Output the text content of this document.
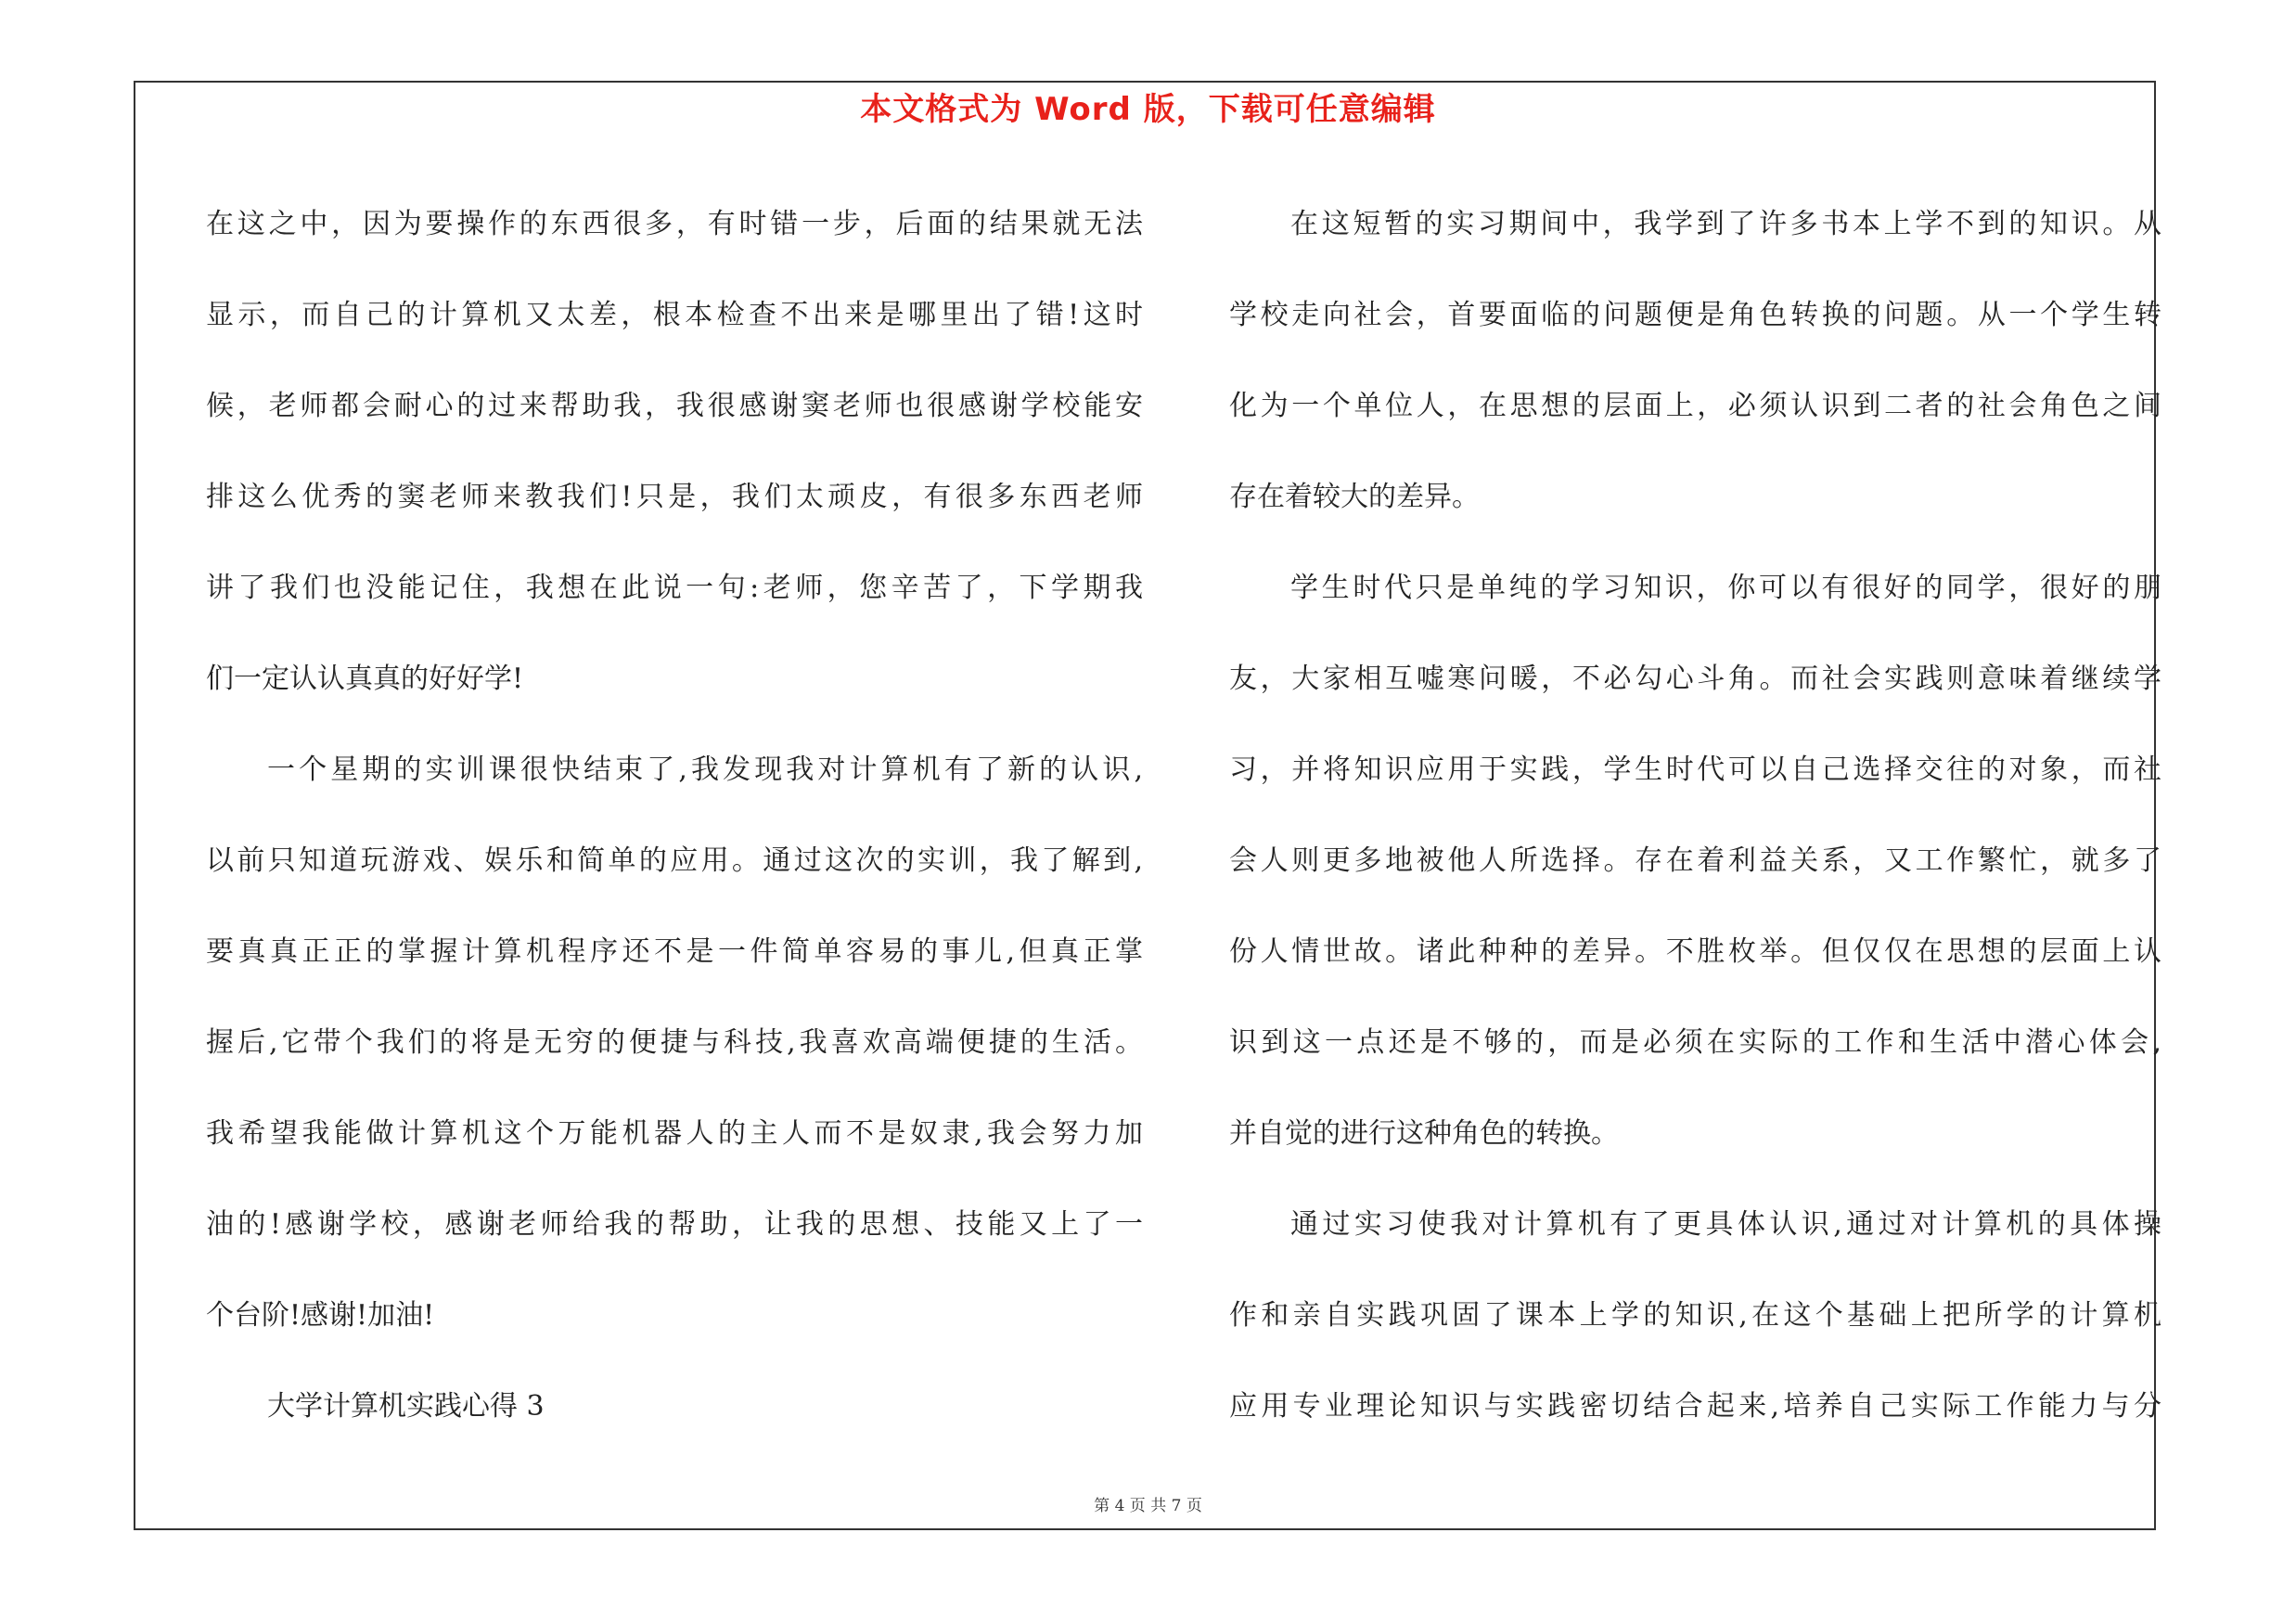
本文格式为 Word 版，下载可任意编辑
在这之中，因为要操作的东西很多，有时错一步，后面的结果就无法
显示，而自己的计算机又太差，根本检查不出来是哪里出了错!这时
候，老师都会耐心的过来帮助我，我很感谢窦老师也很感谢学校能安
排这么优秀的窦老师来教我们!只是，我们太顽皮，有很多东西老师
讲了我们也没能记住，我想在此说一句:老师，您辛苦了，下学期我
们一定认认真真的好好学!
一个星期的实训课很快结束了,我发现我对计算机有了新的认识,
以前只知道玩游戏、娱乐和简单的应用。通过这次的实训，我了解到,
要真真正正的掌握计算机程序还不是一件简单容易的事儿,但真正掌
握后,它带个我们的将是无穷的便捷与科技,我喜欢高端便捷的生活。
我希望我能做计算机这个万能机器人的主人而不是奴隶,我会努力加
油的!感谢学校，感谢老师给我的帮助，让我的思想、技能又上了一
个台阶!感谢!加油!
大学计算机实践心得 3
在这短暂的实习期间中，我学到了许多书本上学不到的知识。从
学校走向社会，首要面临的问题便是角色转换的问题。从一个学生转
化为一个单位人，在思想的层面上，必须认识到二者的社会角色之间
存在着较大的差异。
学生时代只是单纯的学习知识，你可以有很好的同学，很好的朋
友，大家相互嘘寒问暖，不必勾心斗角。而社会实践则意味着继续学
习，并将知识应用于实践，学生时代可以自己选择交往的对象，而社
会人则更多地被他人所选择。存在着利益关系，又工作繁忙，就多了
份人情世故。诸此种种的差异。不胜枚举。但仅仅在思想的层面上认
识到这一点还是不够的，而是必须在实际的工作和生活中潜心体会,
并自觉的进行这种角色的转换。
通过实习使我对计算机有了更具体认识,通过对计算机的具体操
作和亲自实践巩固了课本上学的知识,在这个基础上把所学的计算机
应用专业理论知识与实践密切结合起来,培养自己实际工作能力与分
第 4 页 共 7 页
